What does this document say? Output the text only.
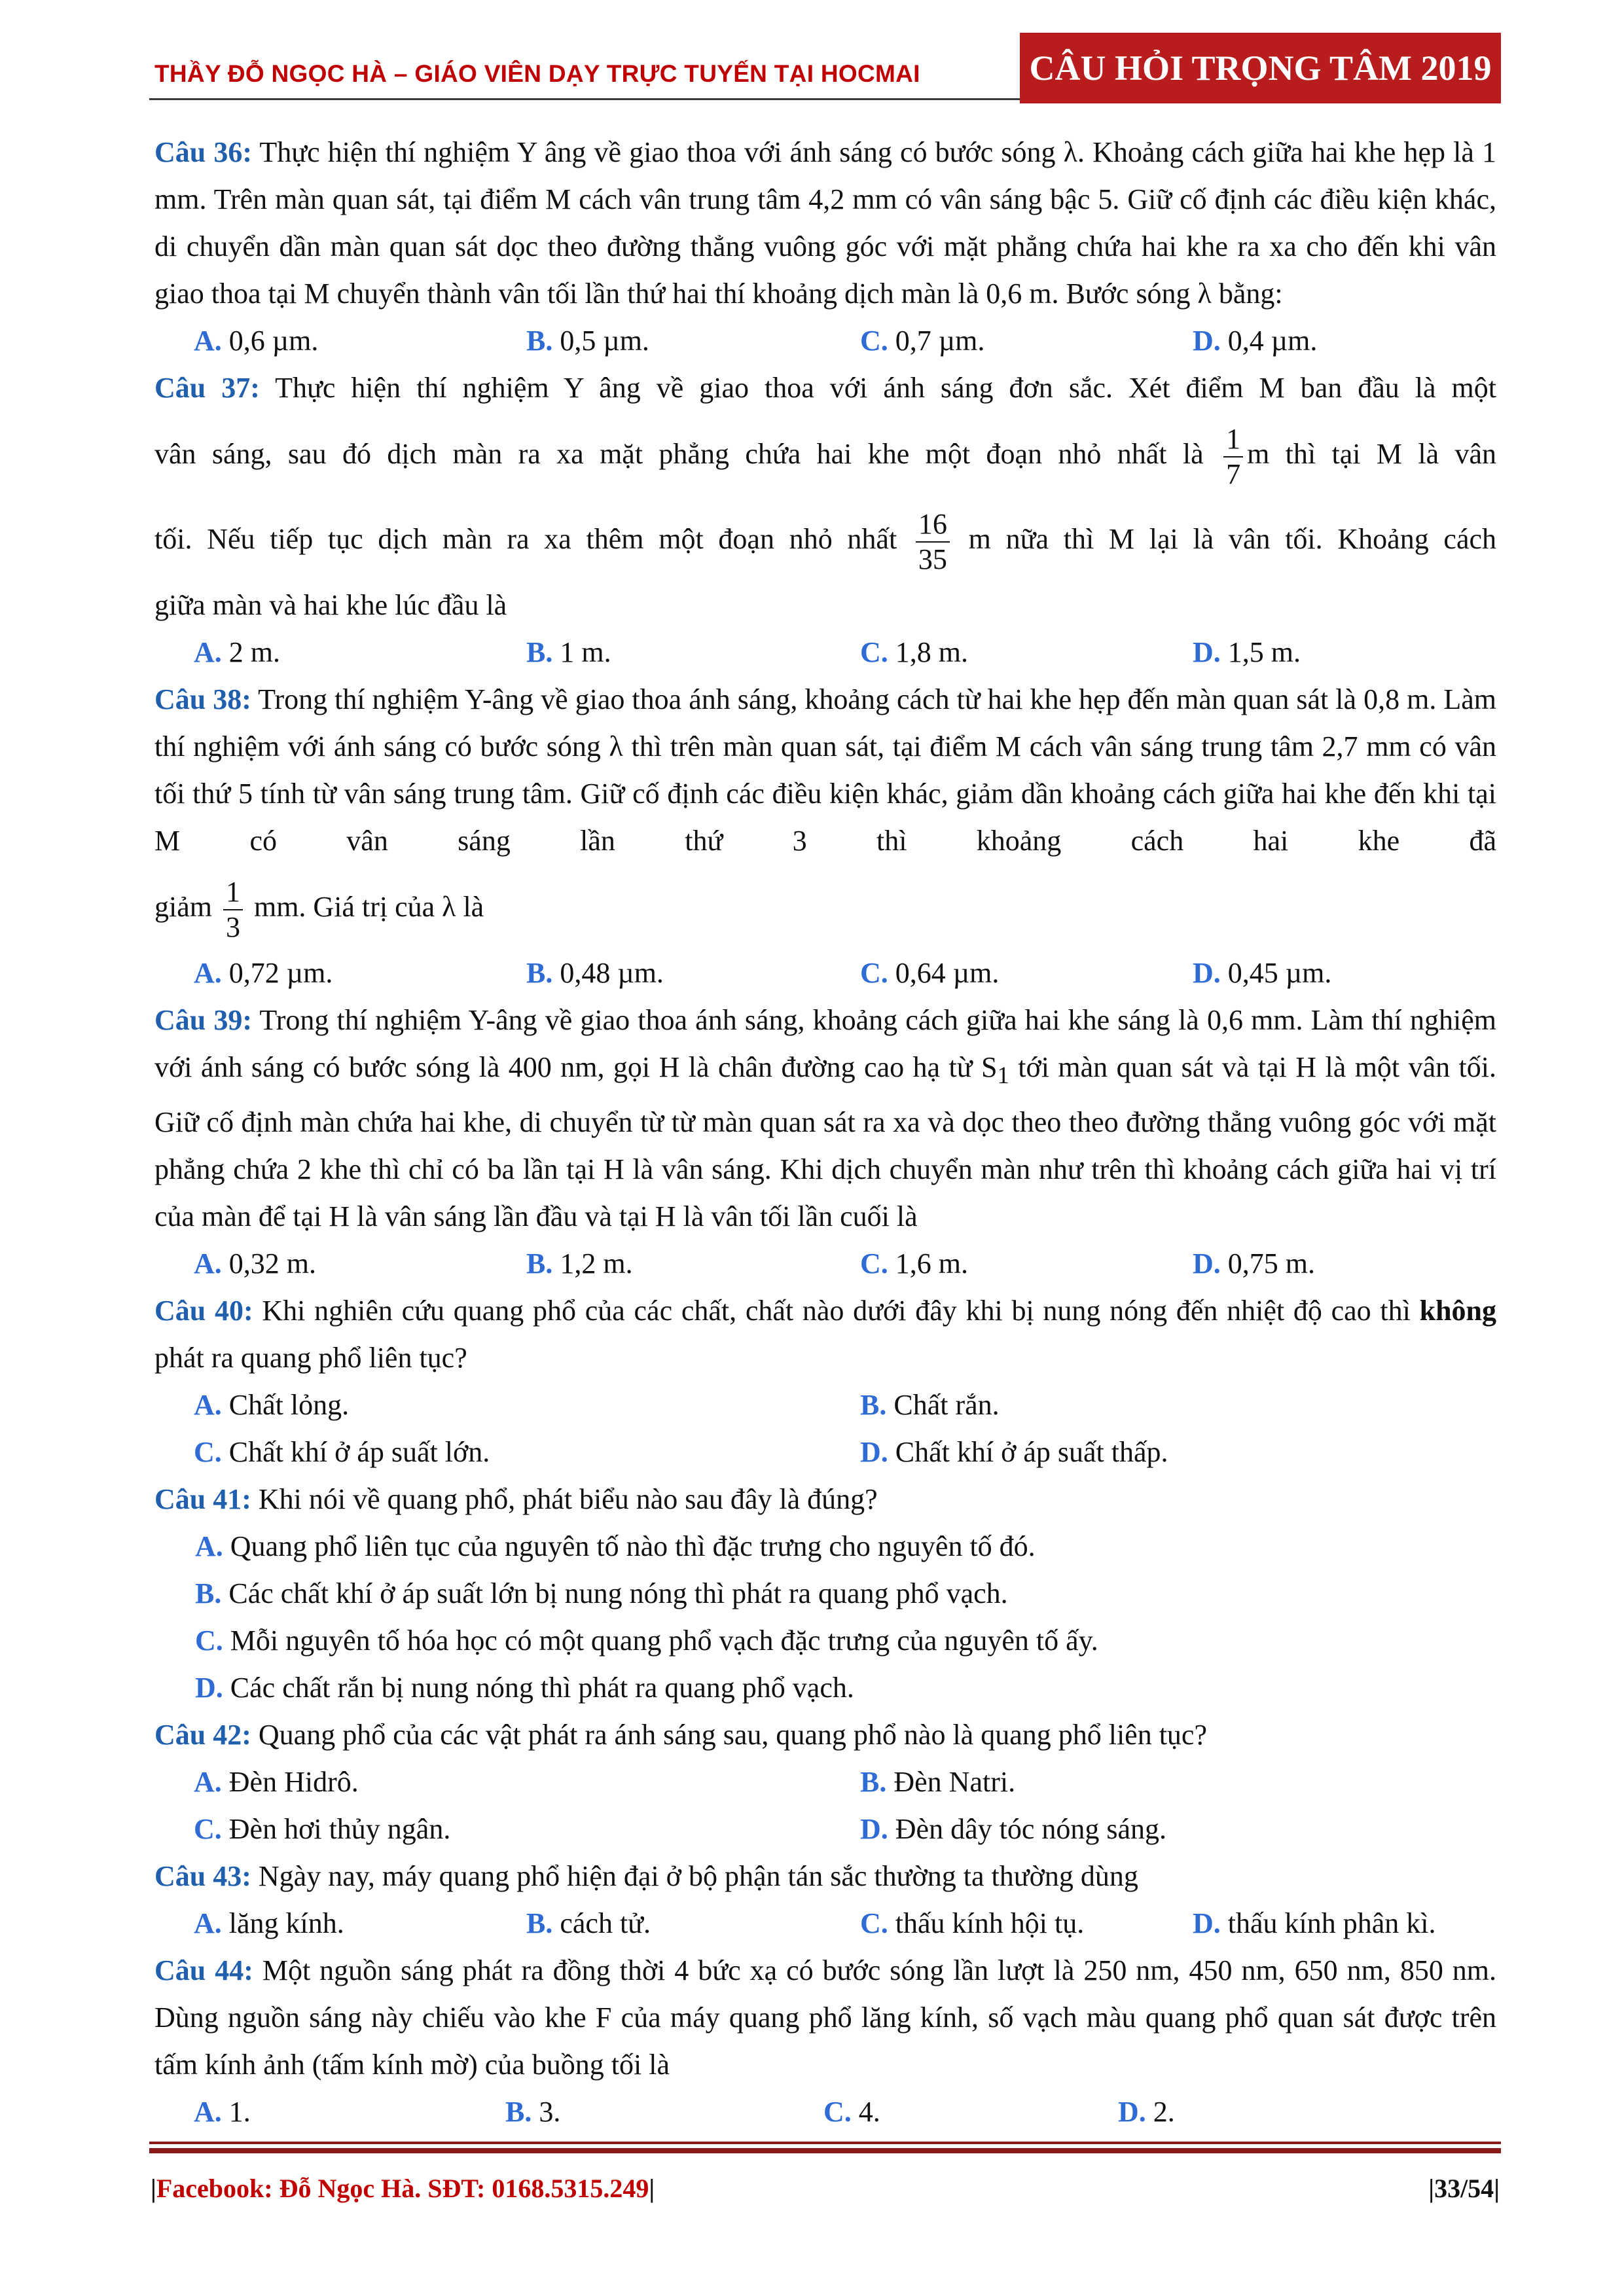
THẦY ĐỖ NGỌC HÀ – GIÁO VIÊN DẠY TRỰC TUYẾN TẠI HOCMAI	CÂU HỎI TRỌNG TÂM 2019
Câu 36: Thực hiện thí nghiệm Y âng về giao thoa với ánh sáng có bước sóng λ. Khoảng cách giữa hai khe hẹp là 1 mm. Trên màn quan sát, tại điểm M cách vân trung tâm 4,2 mm có vân sáng bậc 5. Giữ cố định các điều kiện khác, di chuyển dần màn quan sát dọc theo đường thẳng vuông góc với mặt phẳng chứa hai khe ra xa cho đến khi vân giao thoa tại M chuyển thành vân tối lần thứ hai thí khoảng dịch màn là 0,6 m. Bước sóng λ bằng:
A. 0,6 µm.	B. 0,5 µm.	C. 0,7 µm.	D. 0,4 µm.
Câu 37: Thực hiện thí nghiệm Y âng về giao thoa với ánh sáng đơn sắc. Xét điểm M ban đầu là một
vân sáng, sau đó dịch màn ra xa mặt phẳng chứa hai khe một đoạn nhỏ nhất là $\frac{1}{7}$ m thì tại M là vân
tối. Nếu tiếp tục dịch màn ra xa thêm một đoạn nhỏ nhất $\frac{16}{35}$ m nữa thì M lại là vân tối. Khoảng cách
giữa màn và hai khe lúc đầu là
A. 2 m.	B. 1 m.	C. 1,8 m.	D. 1,5 m.
Câu 38: Trong thí nghiệm Y-âng về giao thoa ánh sáng, khoảng cách từ hai khe hẹp đến màn quan sát là 0,8 m. Làm thí nghiệm với ánh sáng có bước sóng λ thì trên màn quan sát, tại điểm M cách vân sáng trung tâm 2,7 mm có vân tối thứ 5 tính từ vân sáng trung tâm. Giữ cố định các điều kiện khác, giảm dần khoảng cách giữa hai khe đến khi tại M có vân sáng lần thứ 3 thì khoảng cách hai khe đã
giảm $\frac{1}{3}$ mm. Giá trị của λ là
A. 0,72 µm.	B. 0,48 µm.	C. 0,64 µm.	D. 0,45 µm.
Câu 39: Trong thí nghiệm Y-âng về giao thoa ánh sáng, khoảng cách giữa hai khe sáng là 0,6 mm. Làm thí nghiệm với ánh sáng có bước sóng là 400 nm, gọi H là chân đường cao hạ từ $S_1$ tới màn quan sát và tại H là một vân tối. Giữ cố định màn chứa hai khe, di chuyển từ từ màn quan sát ra xa và dọc theo theo đường thẳng vuông góc với mặt phẳng chứa 2 khe thì chỉ có ba lần tại H là vân sáng. Khi dịch chuyển màn như trên thì khoảng cách giữa hai vị trí của màn để tại H là vân sáng lần đầu và tại H là vân tối lần cuối là
A. 0,32 m.	B. 1,2 m.	C. 1,6 m.	D. 0,75 m.
Câu 40: Khi nghiên cứu quang phổ của các chất, chất nào dưới đây khi bị nung nóng đến nhiệt độ cao thì không phát ra quang phổ liên tục?
A. Chất lỏng.	B. Chất rắn.
C. Chất khí ở áp suất lớn.	D. Chất khí ở áp suất thấp.
Câu 41: Khi nói về quang phổ, phát biểu nào sau đây là đúng?
A. Quang phổ liên tục của nguyên tố nào thì đặc trưng cho nguyên tố đó.
B. Các chất khí ở áp suất lớn bị nung nóng thì phát ra quang phổ vạch.
C. Mỗi nguyên tố hóa học có một quang phổ vạch đặc trưng của nguyên tố ấy.
D. Các chất rắn bị nung nóng thì phát ra quang phổ vạch.
Câu 42: Quang phổ của các vật phát ra ánh sáng sau, quang phổ nào là quang phổ liên tục?
A. Đèn Hidrô.	B. Đèn Natri.
C. Đèn hơi thủy ngân.	D. Đèn dây tóc nóng sáng.
Câu 43: Ngày nay, máy quang phổ hiện đại ở bộ phận tán sắc thường ta thường dùng
A. lăng kính.	B. cách tử.	C. thấu kính hội tụ.	D. thấu kính phân kì.
Câu 44: Một nguồn sáng phát ra đồng thời 4 bức xạ có bước sóng lần lượt là 250 nm, 450 nm, 650 nm, 850 nm. Dùng nguồn sáng này chiếu vào khe F của máy quang phổ lăng kính, số vạch màu quang phổ quan sát được trên tấm kính ảnh (tấm kính mờ) của buồng tối là
A. 1.	B. 3.	C. 4.	D. 2.
|Facebook: Đỗ Ngọc Hà. SĐT: 0168.5315.249|	|33/54|
